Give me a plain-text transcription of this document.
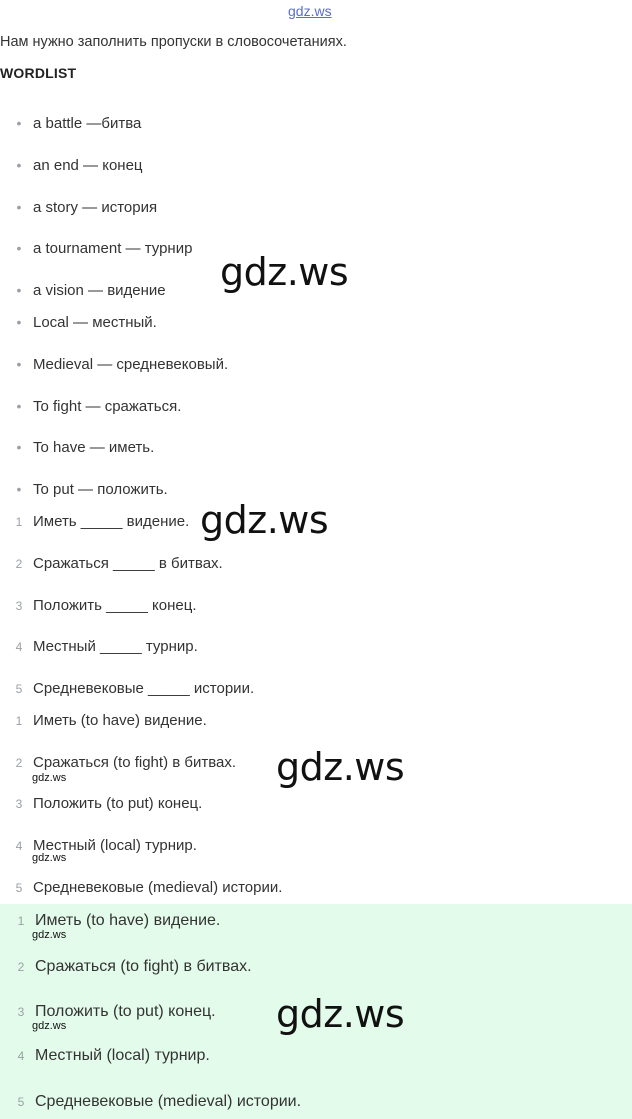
gdz.ws
Нам нужно заполнить пропуски в словосочетаниях.
WORDLIST
• a battle —битва
• an end — конец
• a story — история
• a tournament — турнир
• a vision — видение
• Local — местный.
• Medieval — средневековый.
• To fight — сражаться.
• To have — иметь.
• To put — положить.
1 Иметь _____ видение.
2 Сражаться _____ в битвах.
3 Положить _____ конец.
4 Местный _____ турнир.
5 Средневековые _____ истории.
1 Иметь (to have) видение.
2 Сражаться (to fight) в битвах.
3 Положить (to put) конец.
4 Местный (local) турнир.
5 Средневековые (medieval) истории.
1 Иметь (to have) видение.
2 Сражаться (to fight) в битвах.
3 Положить (to put) конец.
4 Местный (local) турнир.
5 Средневековые (medieval) истории.
gdz.ws
gdz.ws
gdz.ws
gdz.ws
gdz.ws
gdz.ws
gdz.ws
gdz.ws
